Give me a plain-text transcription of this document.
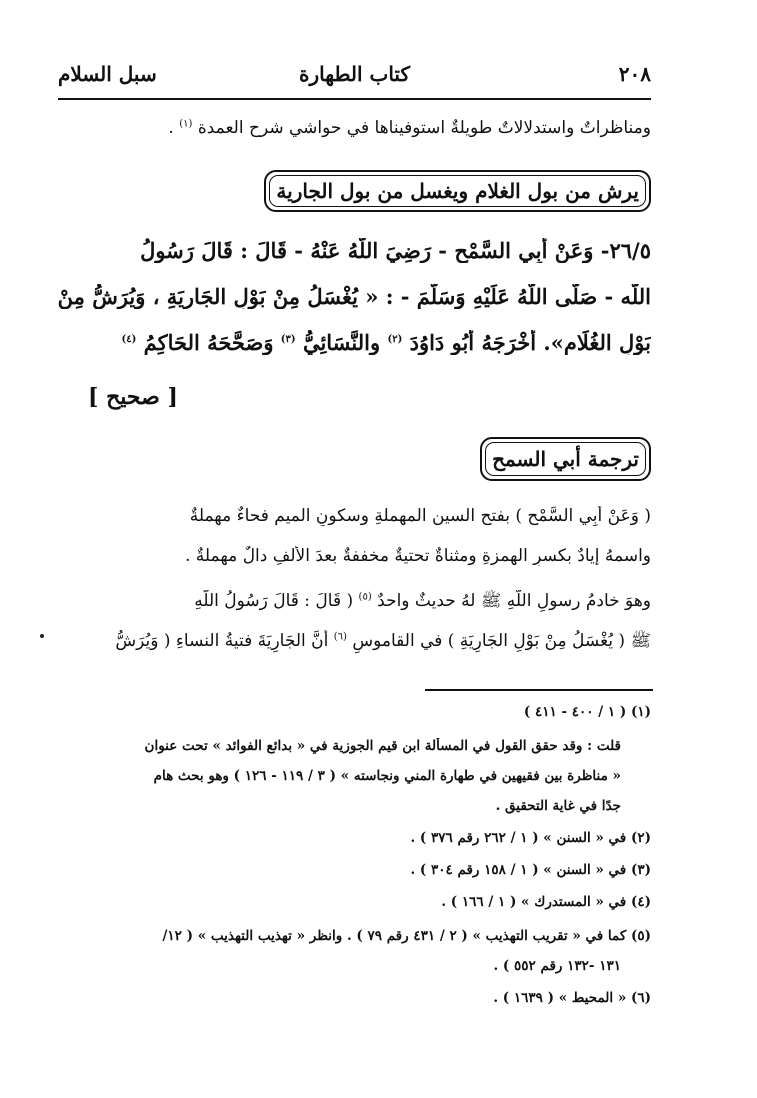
٢٠٨
كتاب الطهارة
سبل السلام
ومناظراتٌ واستدلالاتٌ طويلةٌ استوفيناها في حواشي شرحِ العمدة $^{(١)}$ .
يرش من بول الغلام ويغسل من بول الجارية
٢٦/٥- وَعَنْ أَبِي السَّمْحِ - رَضِيَ اللَّهُ عَنْهُ - قَالَ : قَالَ رَسُولُ
اللَّه - صَلَّى اللَّهُ عَلَيْهِ وَسَلَّمَ - : « يُغْسَلُ مِنْ بَوْلِ الجَارِيَةِ ، وَيُرَشُّ مِنْ
بَوْلِ الغُلَامِ». أَخْرَجَهُ أَبُو دَاوُدَ $^{(٢)}$ والنَّسَائِيُّ $^{(٣)}$ وَصَحَّحَهُ الحَاكِمُ $^{(٤)}$
[ صحيح ]
ترجمة أبي السمح
( وَعَنْ أَبِي السَّمْحِ ) بفتحِ السينِ المهملةِ وسكونِ الميمِ فحاءٌ مهملةٌ
واسمهُ إيادٌ بكسرِ الهمزةِ ومثناةٌ تحتيةٌ مخففةٌ بعدَ الألفِ دالٌ مهملةٌ .
وهوَ خادمُ رسولِ اللَّهِ ﷺ لهُ حديثٌ واحدٌ $^{(٥)}$ ( قَالَ : قَالَ رَسُولُ اللَّهِ
ﷺ ( يُغْسَلُ مِنْ بَوْلِ الجَارِيَةِ ) في القاموسِ $^{(٦)}$ أنَّ الجَارِيَةَ فتيةُ النساءِ ( وَيُرَشُّ
(١) ( ١ / ٤٠٠ - ٤١١ )
قلت : وقد حقق القول في المسألة ابن قيم الجوزية في « بدائع الفوائد » تحت عنوان
« مناظرة بين فقيهين في طهارة المني ونجاسته » ( ٣ / ١١٩ - ١٢٦ ) وهو بحث هام
جدًا في غاية التحقيق .
(٢) في « السنن » ( ١ / ٢٦٢ رقم ٣٧٦ ) .
(٣) في « السنن » ( ١ / ١٥٨ رقم ٣٠٤ ) .
(٤) في « المستدرك » ( ١ / ١٦٦ ) .
(٥) كما في « تقريب التهذيب » ( ٢ / ٤٣١ رقم ٧٩ ) . وانظر « تهذيب التهذيب » ( ١٢/
١٣١ -١٣٢ رقم ٥٥٢ ) .
(٦) « المحيط » ( ١٦٣٩ ) .
